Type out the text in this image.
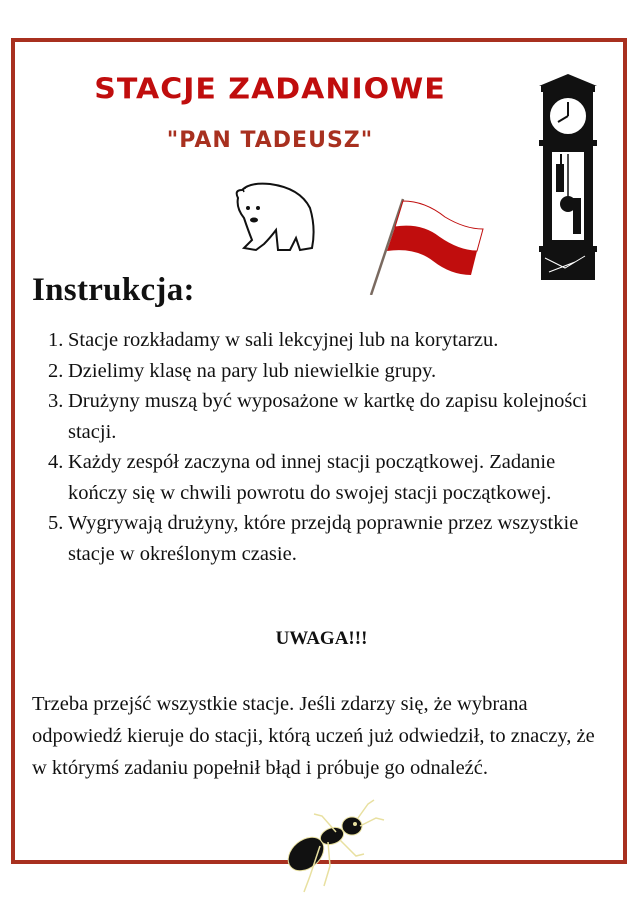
STACJE ZADANIOWE
"PAN TADEUSZ"
Instrukcja:
1. Stacje rozkładamy w sali lekcyjnej lub na korytarzu.
2. Dzielimy klasę na pary lub niewielkie grupy.
3. Drużyny muszą być wyposażone w kartkę do zapisu kolejności stacji.
4. Każdy zespół zaczyna od innej stacji początkowej. Zadanie kończy się w chwili powrotu do swojej stacji początkowej.
5. Wygrywają drużyny, które przejdą poprawnie przez wszystkie stacje w określonym czasie.
UWAGA!!!
Trzeba przejść wszystkie stacje. Jeśli zdarzy się, że wybrana odpowiedź kieruje do stacji, którą uczeń już odwiedził, to znaczy, że w którymś zadaniu popełnił błąd i próbuje go odnaleźć.
